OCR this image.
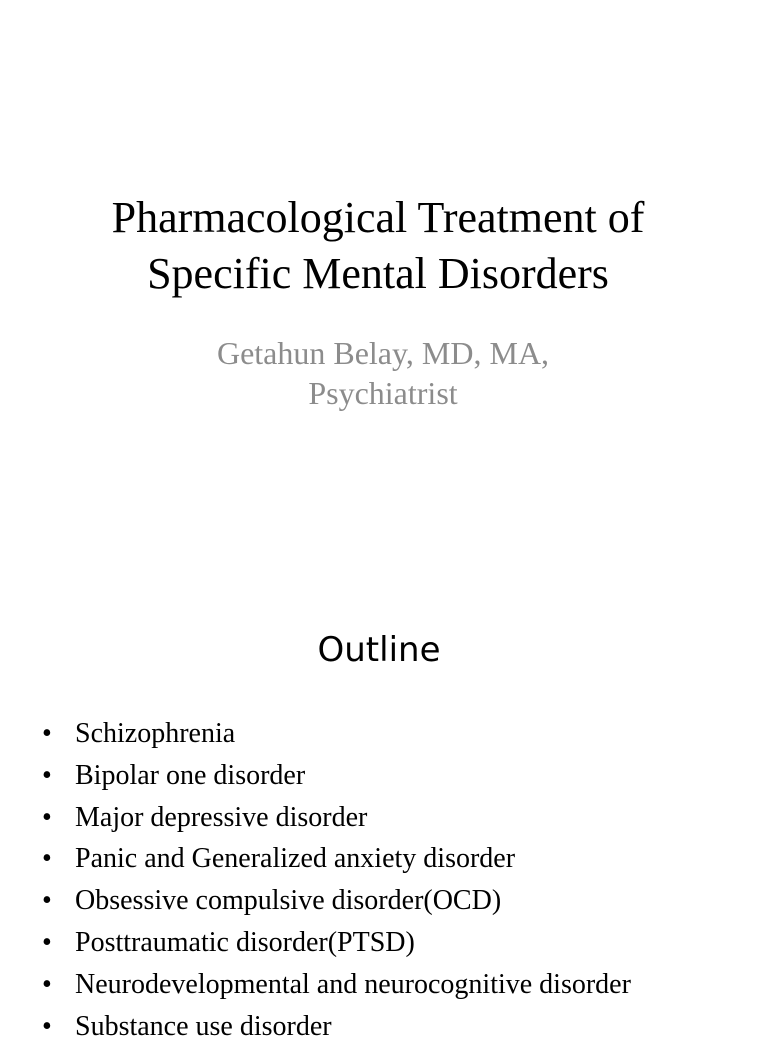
Pharmacological Treatment of
Specific Mental Disorders

Getahun Belay, MD, MA,
Psychiatrist

Outline
• Schizophrenia
• Bipolar one disorder
• Major depressive disorder
• Panic and Generalized anxiety disorder
• Obsessive compulsive disorder(OCD)
• Posttraumatic disorder(PTSD)
• Neurodevelopmental and neurocognitive disorder
• Substance use disorder
